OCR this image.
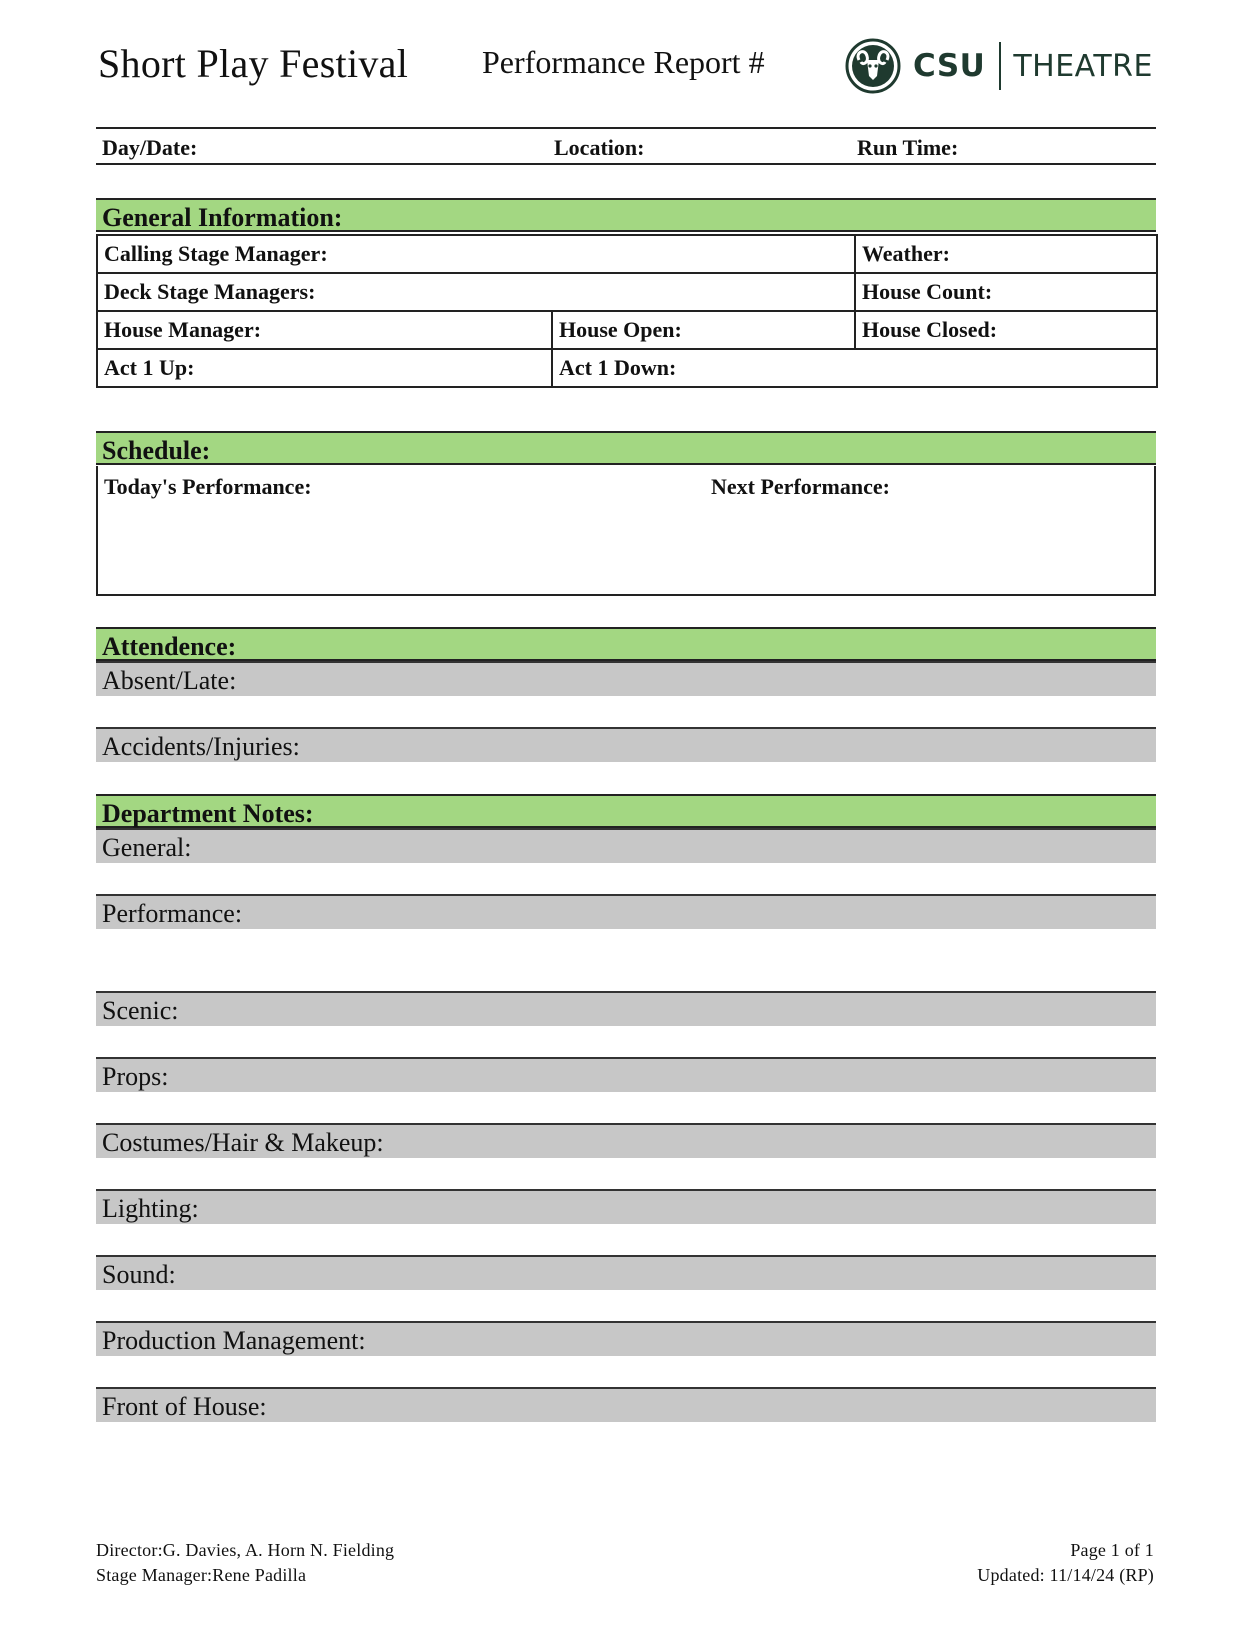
Short Play Festival Performance Report #	CSU THEATRE
Day/Date:	Location:	Run Time:
General Information:
Calling Stage Manager:		Weather:
Deck Stage Managers:		House Count:
House Manager:	House Open:	House Closed:
Act 1 Up:	Act 1 Down:	
Schedule:
Today's Performance:	Next Performance:
Attendence:
Absent/Late:
Accidents/Injuries:
Department Notes:
General:
Performance:
Scenic:
Props:
Costumes/Hair & Makeup:
Lighting:
Sound:
Production Management:
Front of House:
Director:G. Davies, A. Horn N. Fielding
Stage Manager:Rene Padilla
Page 1 of 1
Updated: 11/14/24 (RP)
